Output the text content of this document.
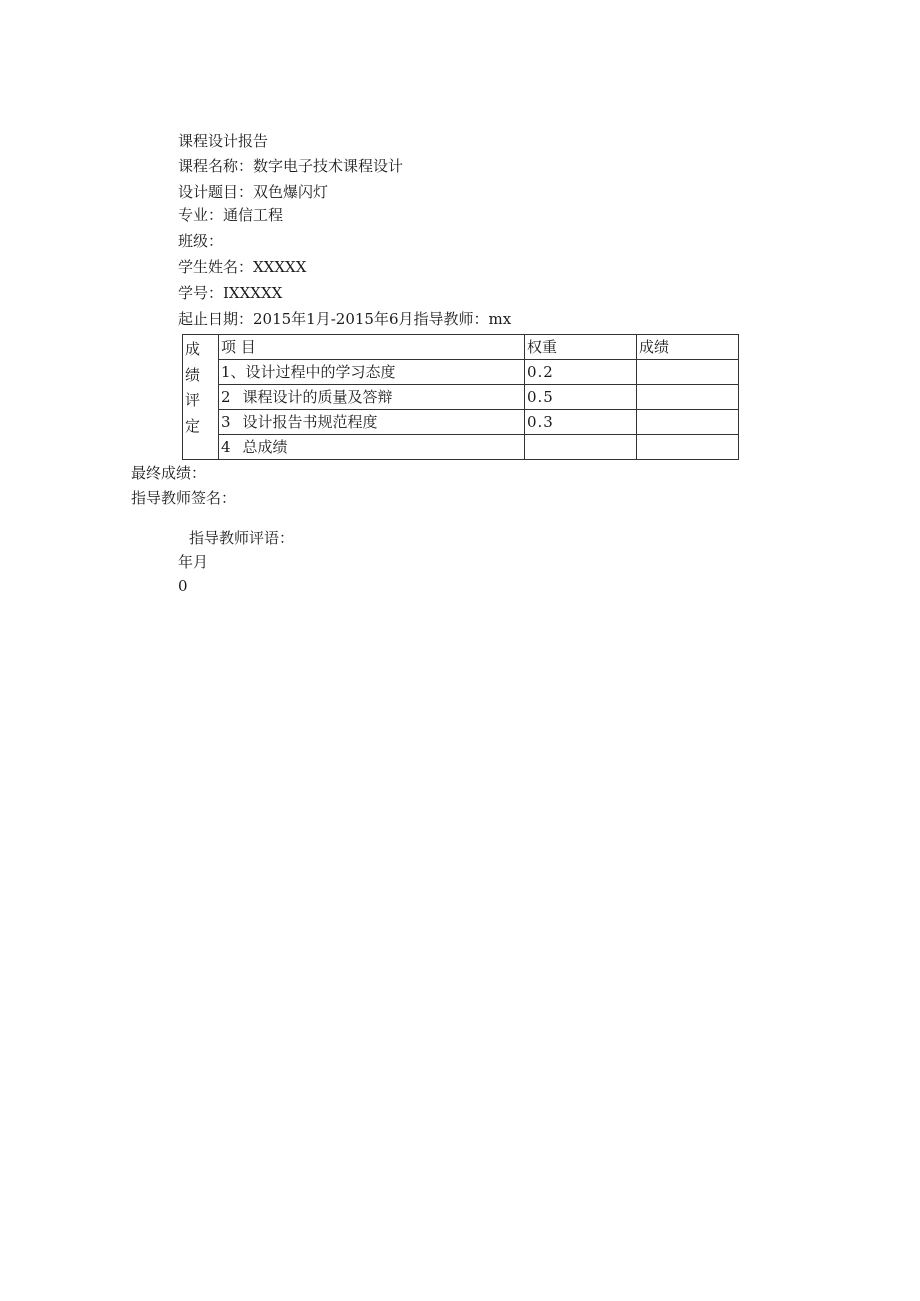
课程设计报告
课程名称：数字电子技术课程设计
设计题目：双色爆闪灯
专业：通信工程
班级：
学生姓名：XXXXX
学号：IXXXXX
起止日期：2015年1月-2015年6月指导教师：mx
成
绩
评
定	项 目	权重	成绩
	1、设计过程中的学习态度	0.2	
	2 课程设计的质量及答辩	0.5	
	3 设计报告书规范程度	0.3	
	4 总成绩		
最终成绩：
指导教师签名：
指导教师评语：
年月
0
